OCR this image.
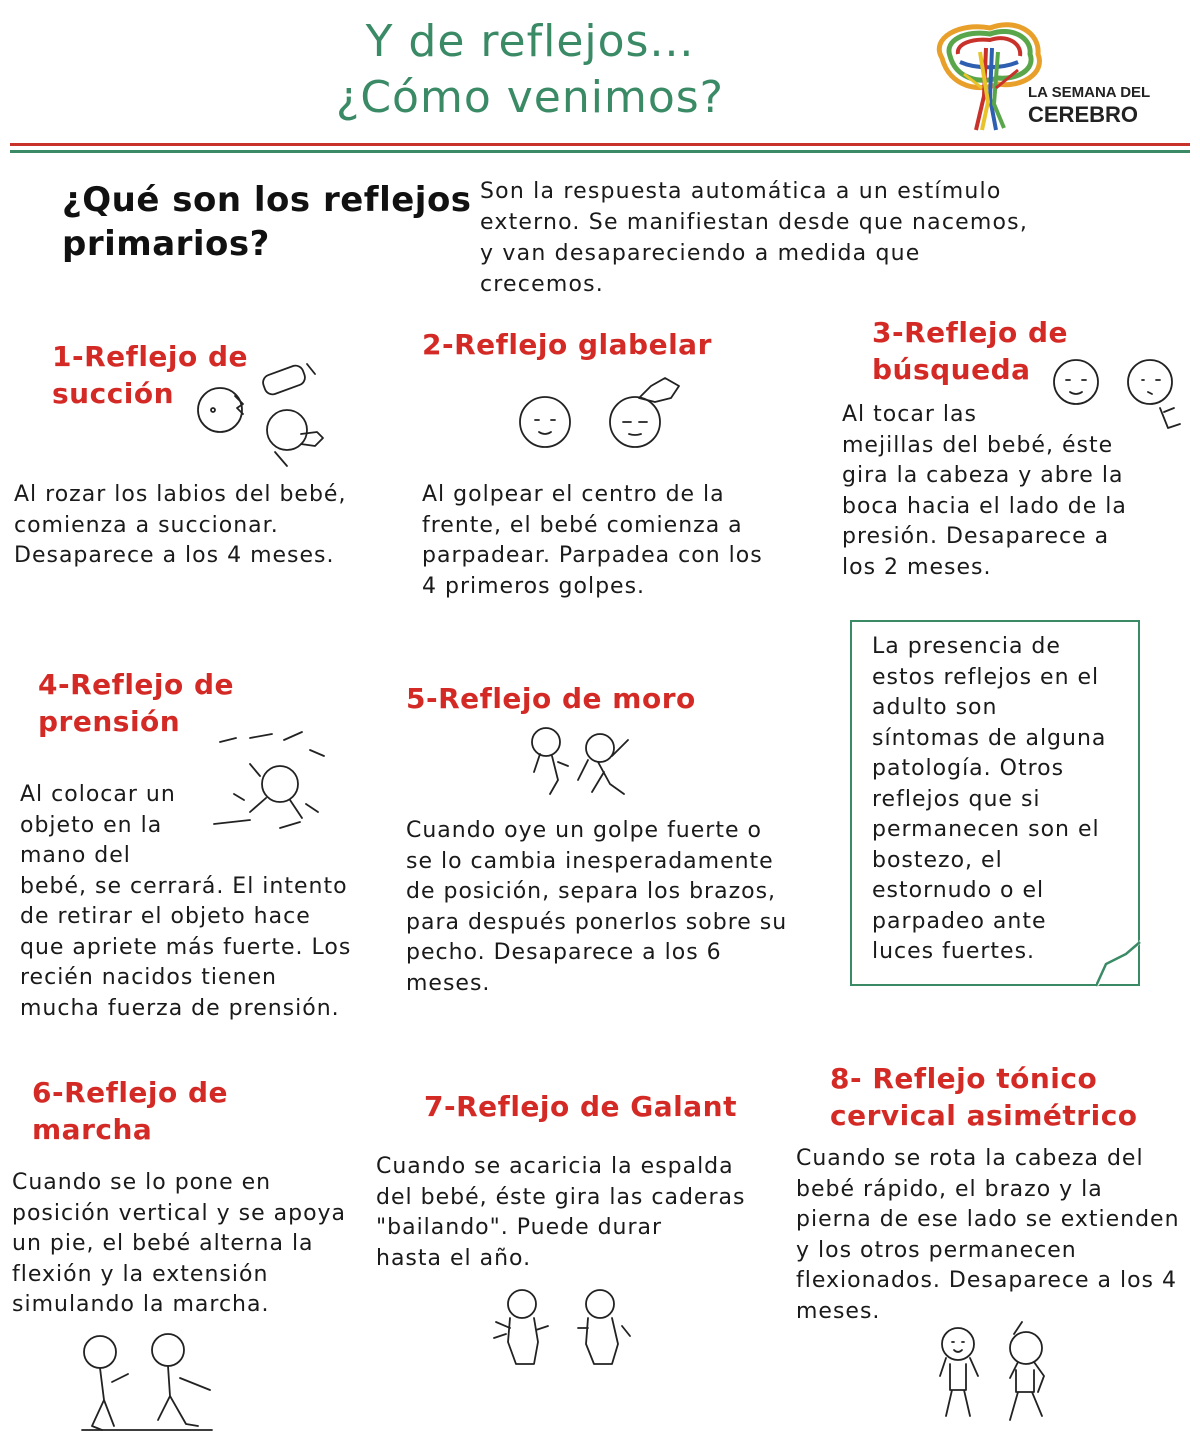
Y de reflejos...
¿Cómo venimos?	LA SEMANA DEL
CEREBRO
¿Qué son los reflejos
primarios?
Son la respuesta automática a un estímulo externo. Se manifiestan desde que nacemos, y van desapareciendo a medida que crecemos.
1-Reflejo de
succión
Al rozar los labios del bebé,
comienza a succionar.
Desaparece a los 4 meses.
2-Reflejo glabelar
Al golpear el centro de la
frente, el bebé comienza a
parpadear. Parpadea con los
4 primeros golpes.
3-Reflejo de
búsqueda
Al tocar las
mejillas del bebé, éste
gira la cabeza y abre la
boca hacia el lado de la
presión. Desaparece a
los 2 meses.
4-Reflejo de
prensión
Al colocar un
objeto en la
mano del
bebé, se cerrará. El intento
de retirar el objeto hace
que apriete más fuerte. Los
recién nacidos tienen
mucha fuerza de prensión.
5-Reflejo de moro
Cuando oye un golpe fuerte o
se lo cambia inesperadamente
de posición, separa los brazos,
para después ponerlos sobre su
pecho. Desaparece a los 6
meses.
La presencia de
estos reflejos en el
adulto son
síntomas de alguna
patología. Otros
reflejos que si
permanecen son el
bostezo, el
estornudo o el
parpadeo ante
luces fuertes.
6-Reflejo de
marcha
Cuando se lo pone en
posición vertical y se apoya
un pie, el bebé alterna la
flexión y la extensión
simulando la marcha.
7-Reflejo de Galant
Cuando se acaricia la espalda
del bebé, éste gira las caderas
"bailando". Puede durar
hasta el año.
8- Reflejo tónico
cervical asimétrico
Cuando se rota la cabeza del
bebé rápido, el brazo y la
pierna de ese lado se extienden
y los otros permanecen
flexionados. Desaparece a los 4
meses.
